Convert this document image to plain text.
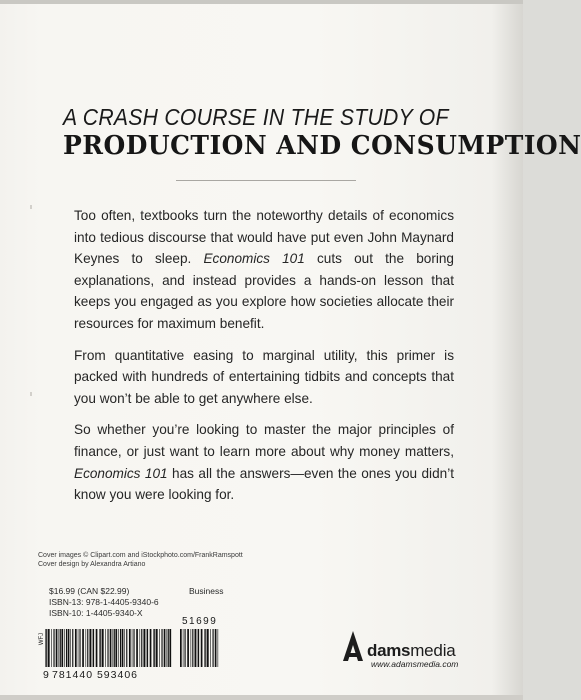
A CRASH COURSE IN THE STUDY OF
PRODUCTION AND CONSUMPTION

Too often, textbooks turn the noteworthy details of economics into tedious discourse that would have put even John Maynard Keynes to sleep. Economics 101 cuts out the boring explanations, and instead provides a hands-on lesson that keeps you engaged as you explore how societies allocate their resources for maximum benefit.

From quantitative easing to marginal utility, this primer is packed with hundreds of entertaining tidbits and concepts that you won’t be able to get anywhere else.

So whether you’re looking to master the major principles of finance, or just want to learn more about why money matters, Economics 101 has all the answers—even the ones you didn’t know you were looking for.

Cover images © Clipart.com and iStockphoto.com/FrankRamspott
Cover design by Alexandra Artiano
$16.99 (CAN $22.99)
ISBN-13: 978-1-4405-9340-6
ISBN-10: 1-4405-9340-X
Business
WFJ
9 781440 593406
51699
dams media
www.adamsmedia.com
